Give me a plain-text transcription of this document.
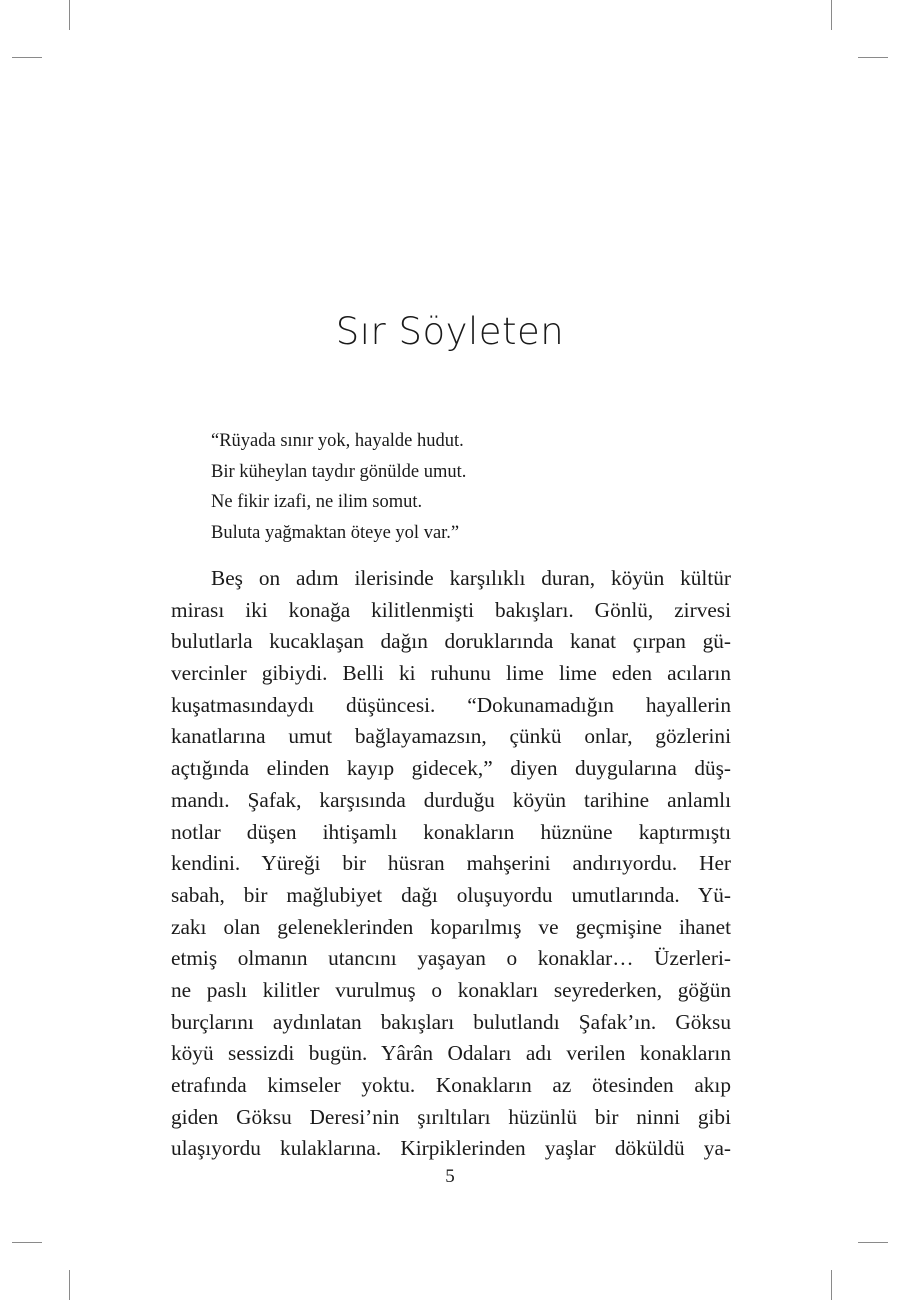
Sır Söyleten
“Rüyada sınır yok, hayalde hudut.
Bir küheylan taydır gönülde umut.
Ne fikir izafi, ne ilim somut.
Buluta yağmaktan öteye yol var.”
Beş on adım ilerisinde karşılıklı duran, köyün kültür
mirası iki konağa kilitlenmişti bakışları. Gönlü, zirvesi
bulutlarla kucaklaşan dağın doruklarında kanat çırpan gü-
vercinler gibiydi. Belli ki ruhunu lime lime eden acıların
kuşatmasındaydı düşüncesi. “Dokunamadığın hayallerin
kanatlarına umut bağlayamazsın, çünkü onlar, gözlerini
açtığında elinden kayıp gidecek,” diyen duygularına düş-
mandı. Şafak, karşısında durduğu köyün tarihine anlamlı
notlar düşen ihtişamlı konakların hüznüne kaptırmıştı
kendini. Yüreği bir hüsran mahşerini andırıyordu. Her
sabah, bir mağlubiyet dağı oluşuyordu umutlarında. Yü-
zakı olan geleneklerinden koparılmış ve geçmişine ihanet
etmiş olmanın utancını yaşayan o konaklar… Üzerleri-
ne paslı kilitler vurulmuş o konakları seyrederken, göğün
burçlarını aydınlatan bakışları bulutlandı Şafak’ın. Göksu
köyü sessizdi bugün. Yârân Odaları adı verilen konakların
etrafında kimseler yoktu. Konakların az ötesinden akıp
giden Göksu Deresi’nin şırıltıları hüzünlü bir ninni gibi
ulaşıyordu kulaklarına. Kirpiklerinden yaşlar döküldü ya-
5
